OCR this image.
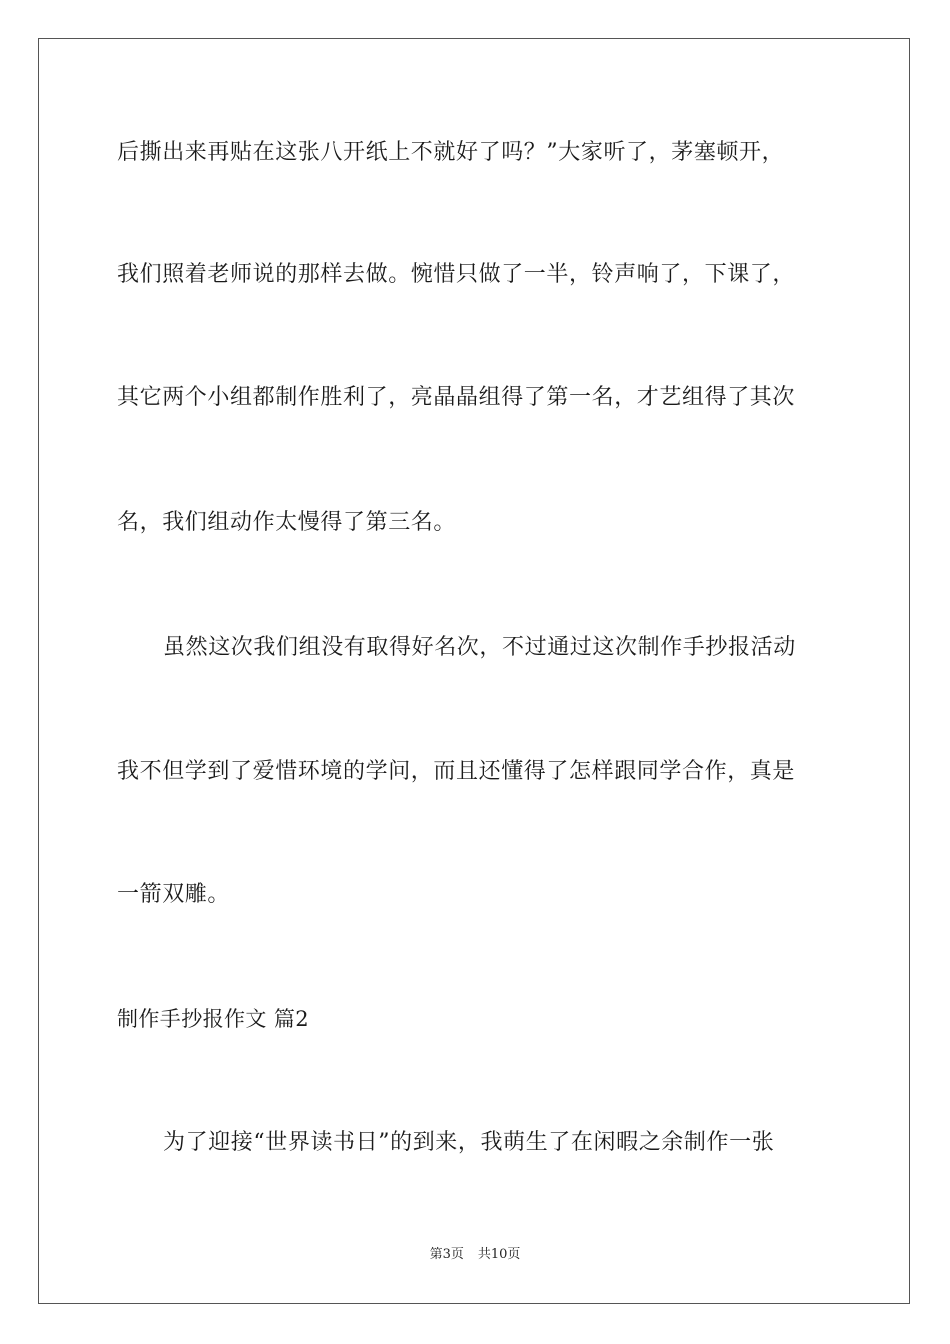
后撕出来再贴在这张八开纸上不就好了吗？”大家听了，茅塞顿开，
我们照着老师说的那样去做。惋惜只做了一半，铃声响了，下课了，
其它两个小组都制作胜利了，亮晶晶组得了第一名，才艺组得了其次
名，我们组动作太慢得了第三名。
虽然这次我们组没有取得好名次，不过通过这次制作手抄报活动
我不但学到了爱惜环境的学问，而且还懂得了怎样跟同学合作，真是
一箭双雕。
制作手抄报作文 篇2
为了迎接“世界读书日”的到来，我萌生了在闲暇之余制作一张
第3页 共10页
